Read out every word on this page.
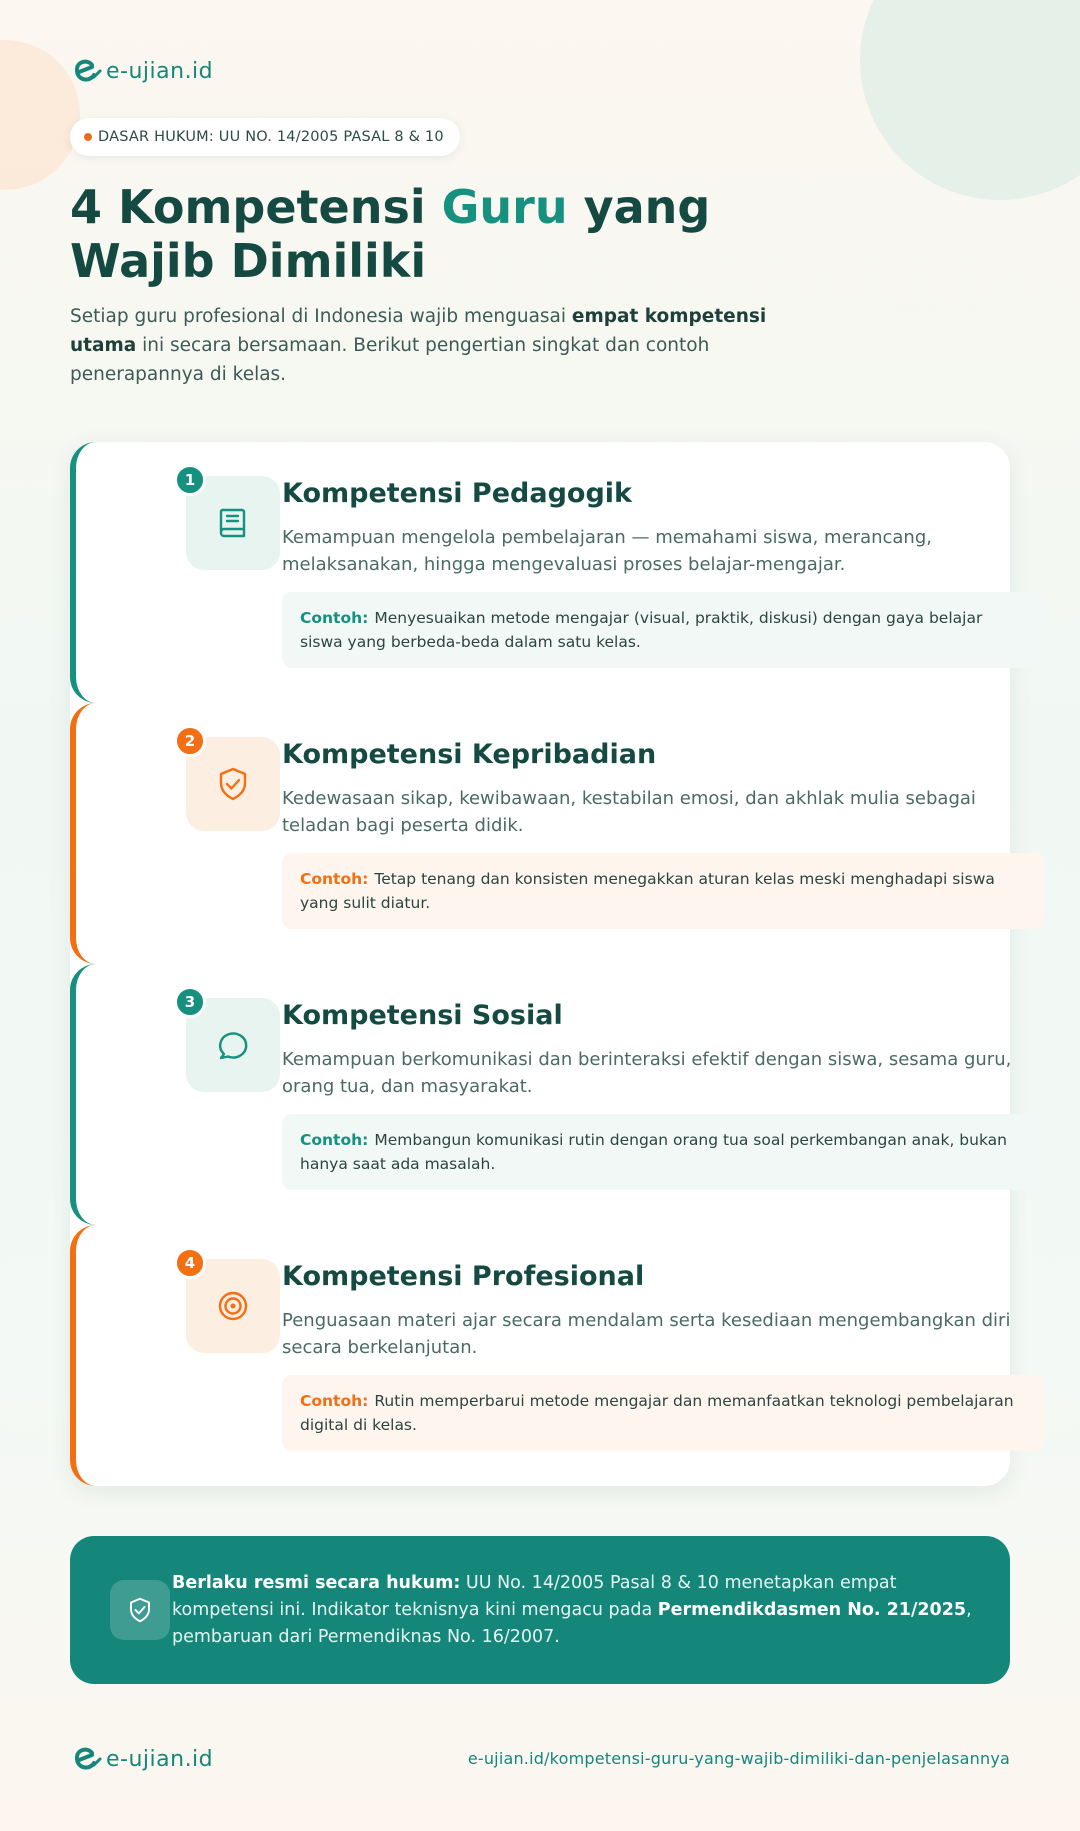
e-ujian.id
DASAR HUKUM: UU NO. 14/2005 PASAL 8 & 10
4 Kompetensi Guru yang Wajib Dimiliki

Setiap guru profesional di Indonesia wajib menguasai empat kompetensi utama ini secara bersamaan. Berikut pengertian singkat dan contoh penerapannya di kelas.

1	Kompetensi Pedagogik
Kemampuan mengelola pembelajaran — memahami siswa, merancang, melaksanakan, hingga mengevaluasi proses belajar-mengajar.
Contoh: Menyesuaikan metode mengajar (visual, praktik, diskusi) dengan gaya belajar siswa yang berbeda-beda dalam satu kelas.
2	Kompetensi Kepribadian
Kedewasaan sikap, kewibawaan, kestabilan emosi, dan akhlak mulia sebagai teladan bagi peserta didik.
Contoh: Tetap tenang dan konsisten menegakkan aturan kelas meski menghadapi siswa yang sulit diatur.
3	Kompetensi Sosial
Kemampuan berkomunikasi dan berinteraksi efektif dengan siswa, sesama guru, orang tua, dan masyarakat.
Contoh: Membangun komunikasi rutin dengan orang tua soal perkembangan anak, bukan hanya saat ada masalah.
4	Kompetensi Profesional
Penguasaan materi ajar secara mendalam serta kesediaan mengembangkan diri secara berkelanjutan.
Contoh: Rutin memperbarui metode mengajar dan memanfaatkan teknologi pembelajaran digital di kelas.

Berlaku resmi secara hukum: UU No. 14/2005 Pasal 8 & 10 menetapkan empat kompetensi ini. Indikator teknisnya kini mengacu pada Permendikdasmen No. 21/2025, pembaruan dari Permendiknas No. 16/2007.

e-ujian.id	e-ujian.id/kompetensi-guru-yang-wajib-dimiliki-dan-penjelasannya
